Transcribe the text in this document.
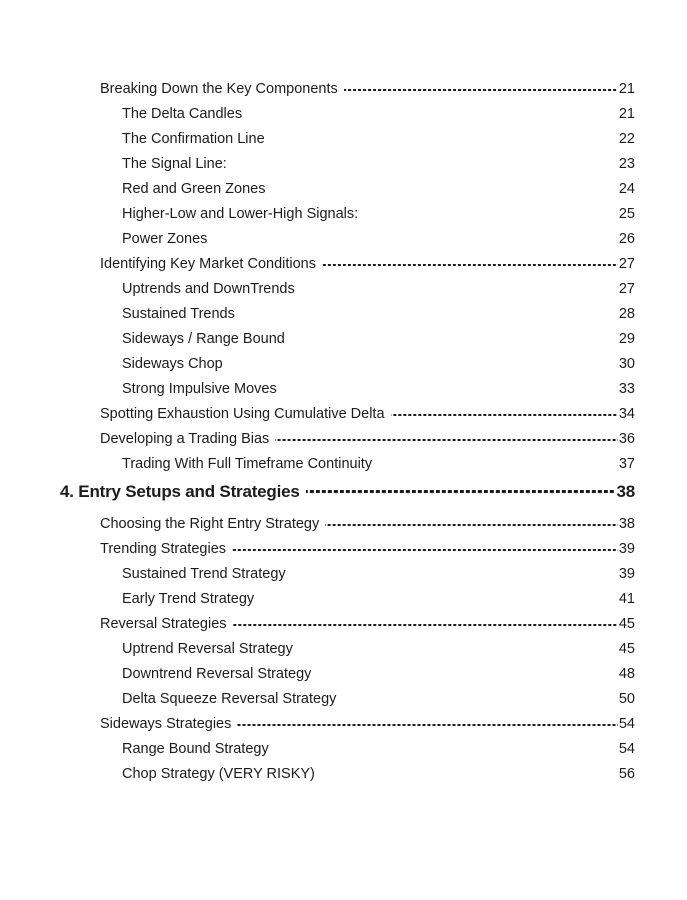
Breaking Down the Key Components	21
The Delta Candles	21
The Confirmation Line	22
The Signal Line:	23
Red and Green Zones	24
Higher-Low and Lower-High Signals:	25
Power Zones	26
Identifying Key Market Conditions	27
Uptrends and DownTrends	27
Sustained Trends	28
Sideways / Range Bound	29
Sideways Chop	30
Strong Impulsive Moves	33
Spotting Exhaustion Using Cumulative Delta	34
Developing a Trading Bias	36
Trading With Full Timeframe Continuity	37
4. Entry Setups and Strategies	38
Choosing the Right Entry Strategy	38
Trending Strategies	39
Sustained Trend Strategy	39
Early Trend Strategy	41
Reversal Strategies	45
Uptrend Reversal Strategy	45
Downtrend Reversal Strategy	48
Delta Squeeze Reversal Strategy	50
Sideways Strategies	54
Range Bound Strategy	54
Chop Strategy (VERY RISKY)	56
